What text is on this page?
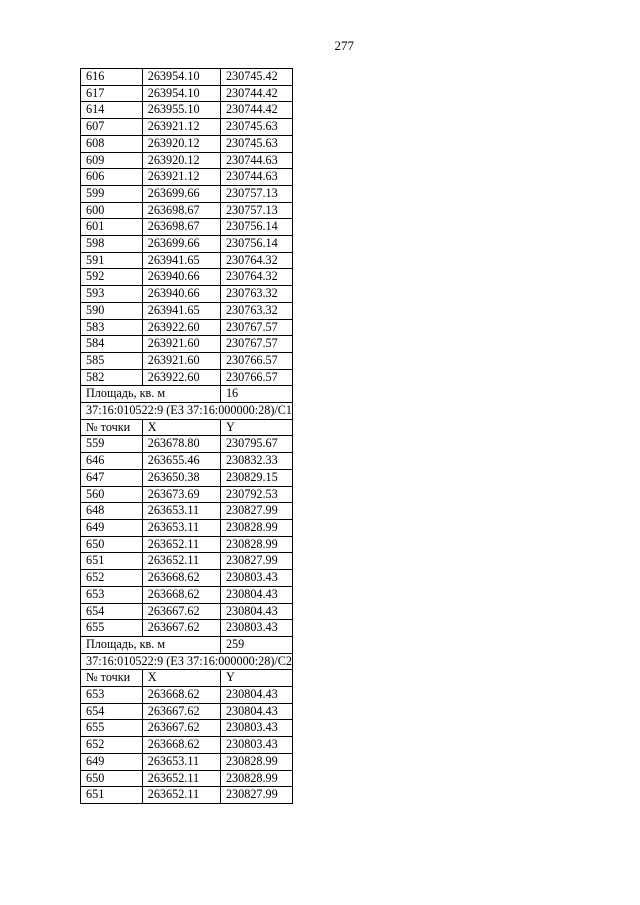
277
616	263954.10	230745.42
617	263954.10	230744.42
614	263955.10	230744.42
607	263921.12	230745.63
608	263920.12	230745.63
609	263920.12	230744.63
606	263921.12	230744.63
599	263699.66	230757.13
600	263698.67	230757.13
601	263698.67	230756.14
598	263699.66	230756.14
591	263941.65	230764.32
592	263940.66	230764.32
593	263940.66	230763.32
590	263941.65	230763.32
583	263922.60	230767.57
584	263921.60	230767.57
585	263921.60	230766.57
582	263922.60	230766.57
Площадь, кв. м		16
37:16:010522:9 (ЕЗ 37:16:000000:28)/С1		
№ точки	X	Y
559	263678.80	230795.67
646	263655.46	230832.33
647	263650.38	230829.15
560	263673.69	230792.53
648	263653.11	230827.99
649	263653.11	230828.99
650	263652.11	230828.99
651	263652.11	230827.99
652	263668.62	230803.43
653	263668.62	230804.43
654	263667.62	230804.43
655	263667.62	230803.43
Площадь, кв. м		259
37:16:010522:9 (ЕЗ 37:16:000000:28)/С2		
№ точки	X	Y
653	263668.62	230804.43
654	263667.62	230804.43
655	263667.62	230803.43
652	263668.62	230803.43
649	263653.11	230828.99
650	263652.11	230828.99
651	263652.11	230827.99
